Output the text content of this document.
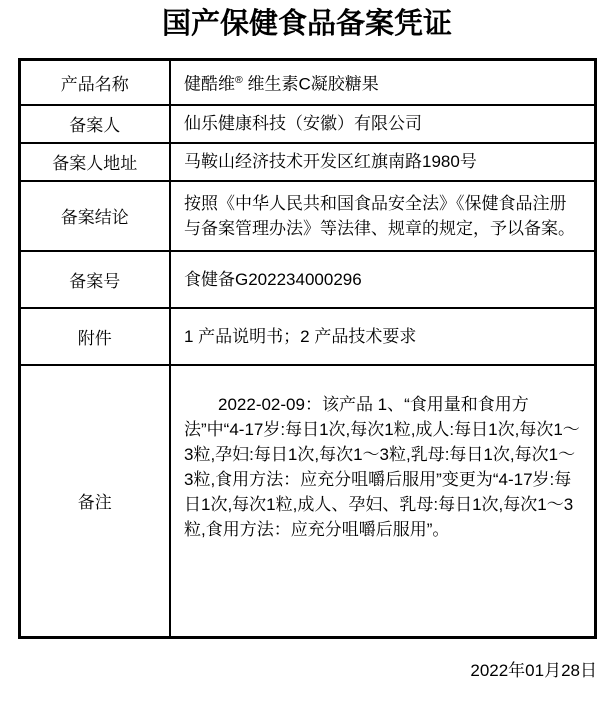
国产保健食品备案凭证
产品名称	健酷维® 维生素C凝胶糖果
备案人	仙乐健康科技（安徽）有限公司
备案人地址	马鞍山经济技术开发区红旗南路1980号
备案结论	按照《中华人民共和国食品安全法》《保健食品注册与备案管理办法》等法律、规章的规定，予以备案。
备案号	食健备G202234000296
附件	1 产品说明书；2 产品技术要求
备注	　　2022-02-09：该产品 1、“食用量和食用方法”中“4-17岁:每日1次,每次1粒,成人:每日1次,每次1～3粒,孕妇:每日1次,每次1～3粒,乳母:每日1次,每次1～3粒,食用方法：应充分咀嚼后服用”变更为“4-17岁:每日1次,每次1粒,成人、孕妇、乳母:每日1次,每次1～3粒,食用方法：应充分咀嚼后服用”。
2022年01月28日
